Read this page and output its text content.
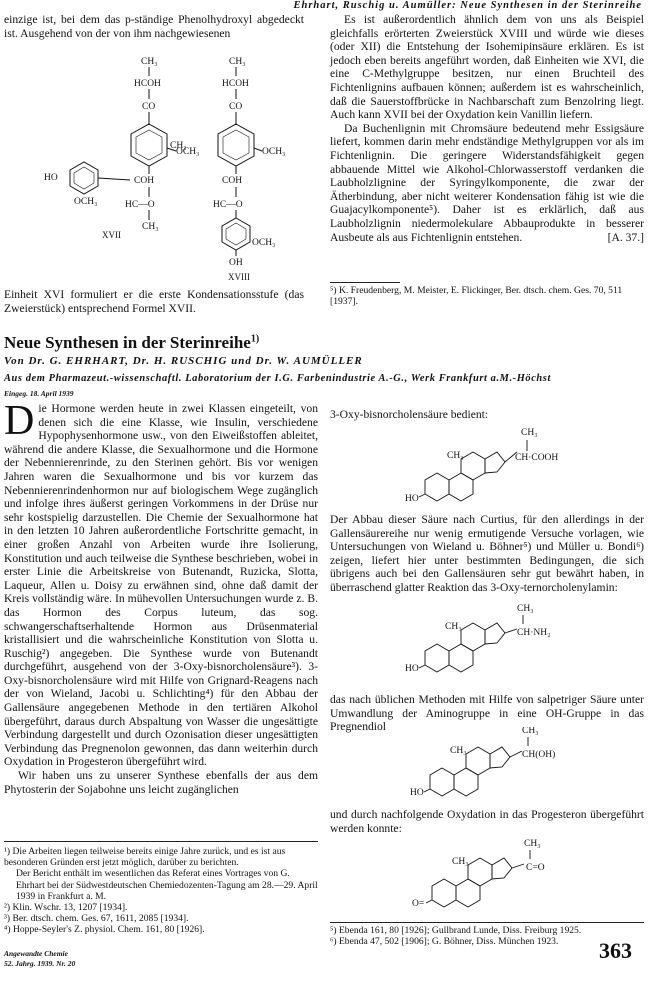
Ehrhart, Ruschig u. Aumüller: Neue Synthesen in der Sterinreihe
einzige ist, bei dem das p-ständige Phenolhydroxyl abgedeckt ist. Ausgehend von der von ihm nachgewiesenen
CH₃
HCOH
CO
CH₃
HCOH
CO
OCH₃	OCH₃
CH₃
HO
OCH₃
COH
HC—O
CH₃
COH
HC—O
OCH₃
OH
XVII
XVIII
Einheit XVI formuliert er die erste Kondensationsstufe (das Zweierstück) entsprechend Formel XVII.

Es ist außerordentlich ähnlich dem von uns als Beispiel gleichfalls erörterten Zweierstück XVIII und würde wie dieses (oder XII) die Entstehung der Isohemipinsäure erklären. Es ist jedoch eben bereits angeführt worden, daß Einheiten wie XVI, die eine C-Methylgruppe besitzen, nur einen Bruchteil des Fichtenlignins aufbauen können; außerdem ist es wahrscheinlich, daß die Sauerstoffbrücke in Nachbarschaft zum Benzolring liegt. Auch kann XVII bei der Oxydation kein Vanillin liefern.

Da Buchenlignin mit Chromsäure bedeutend mehr Essigsäure liefert, kommen darin mehr endständige Methylgruppen vor als im Fichtenlignin. Die geringere Widerstandsfähigkeit gegen abbauende Mittel wie Alkohol-Chlorwasserstoff verdanken die Laubholzlignine der Syringylkomponente, die zwar der Ätherbindung, aber nicht weiterer Kondensation fähig ist wie die Guajacylkomponente⁵). Daher ist es erklärlich, daß aus Laubholzlignin niedermolekulare Abbauprodukte in besserer Ausbeute als aus Fichtenlignin entstehen.	[A. 37.]

⁵) K. Freudenberg, M. Meister, E. Flickinger, Ber. dtsch. chem. Ges. 70, 511 [1937].
Neue Synthesen in der Sterinreihe$^{1)}$
Von Dr. G. EHRHART, Dr. H. RUSCHIG und Dr. W. AUMÜLLER
Aus dem Pharmazeut.-wissenschaftl. Laboratorium der I.G. Farbenindustrie A.-G., Werk Frankfurt a.M.-Höchst
Eingeg. 18. April 1939

Die Hormone werden heute in zwei Klassen eingeteilt, von denen sich die eine Klasse, wie Insulin, verschiedene Hypophysenhormone usw., von den Eiweißstoffen ableitet, während die andere Klasse, die Sexualhormone und die Hormone der Nebennierenrinde, zu den Sterinen gehört. Bis vor wenigen Jahren waren die Sexualhormone und bis vor kurzem das Nebennierenrindenhormon nur auf biologischem Wege zugänglich und infolge ihres äußerst geringen Vorkommens in der Drüse nur sehr kostspielig darzustellen. Die Chemie der Sexualhormone hat in den letzten 10 Jahren außerordentliche Fortschritte gemacht, in einer großen Anzahl von Arbeiten wurde ihre Isolierung, Konstitution und auch teilweise die Synthese beschrieben, wobei in erster Linie die Arbeitskreise von Butenandt, Ruzicka, Slotta, Laqueur, Allen u. Doisy zu erwähnen sind, ohne daß damit der Kreis vollständig wäre. In mühevollen Untersuchungen wurde z. B. das Hormon des Corpus luteum, das sog. schwangerschaftserhaltende Hormon aus Drüsenmaterial kristallisiert und die wahrscheinliche Konstitution von Slotta u. Ruschig²) angegeben. Die Synthese wurde von Butenandt durchgeführt, ausgehend von der 3-Oxy-bisnorcholensäure³). 3-Oxy-bisnorcholensäure wird mit Hilfe von Grignard-Reagens nach der von Wieland, Jacobi u. Schlichting⁴) für den Abbau der Gallensäure angegebenen Methode in den tertiären Alkohol übergeführt, daraus durch Abspaltung von Wasser die ungesättigte Verbindung dargestellt und durch Ozonisation dieser ungesättigten Verbindung das Pregnenolon gewonnen, das dann weiterhin durch Oxydation in Progesteron übergeführt wird.

Wir haben uns zu unserer Synthese ebenfalls der aus dem Phytosterin der Sojabohne uns leicht zugänglichen

¹) Die Arbeiten liegen teilweise bereits einige Jahre zurück, und es ist aus besonderen Gründen erst jetzt möglich, darüber zu berichten.

Der Bericht enthält im wesentlichen das Referat eines Vortrages von G. Ehrhart bei der Südwestdeutschen Chemiedozenten-Tagung am 28.—29. April 1939 in Frankfurt a. M.

²) Klin. Wschr. 13, 1207 [1934].

³) Ber. dtsch. chem. Ges. 67, 1611, 2085 [1934].

⁴) Hoppe-Seyler's Z. physiol. Chem. 161, 80 [1926].

3-Oxy-bisnorcholensäure bedient:
CH₃
CH·COOH
CH₃
HO
Der Abbau dieser Säure nach Curtius, für den allerdings in der Gallensäurereihe nur wenig ermutigende Versuche vorlagen, wie Untersuchungen von Wieland u. Böhner⁵) und Müller u. Bondi⁶) zeigen, liefert hier unter bestimmten Bedingungen, die sich übrigens auch bei den Gallensäuren sehr gut bewährt haben, in überraschend glatter Reaktion das 3-Oxy-ternorcholenylamin:
CH₃
CH·NH₂
CH₃
HO
das nach üblichen Methoden mit Hilfe von salpetriger Säure unter Umwandlung der Aminogruppe in eine OH-Gruppe in das Pregnendiol	CH₃
CH(OH)
CH₃
HO
und durch nachfolgende Oxydation in das Progesteron übergeführt werden konnte:
CH₃
C=O
CH₃
O=

⁵) Ebenda 161, 80 [1926]; Gullbrand Lunde, Diss. Freiburg 1925.

⁶) Ebenda 47, 502 [1906]; G. Böhner, Diss. München 1923.

Angewandte Chemie
52. Jahrg. 1939. Nr. 20
363
